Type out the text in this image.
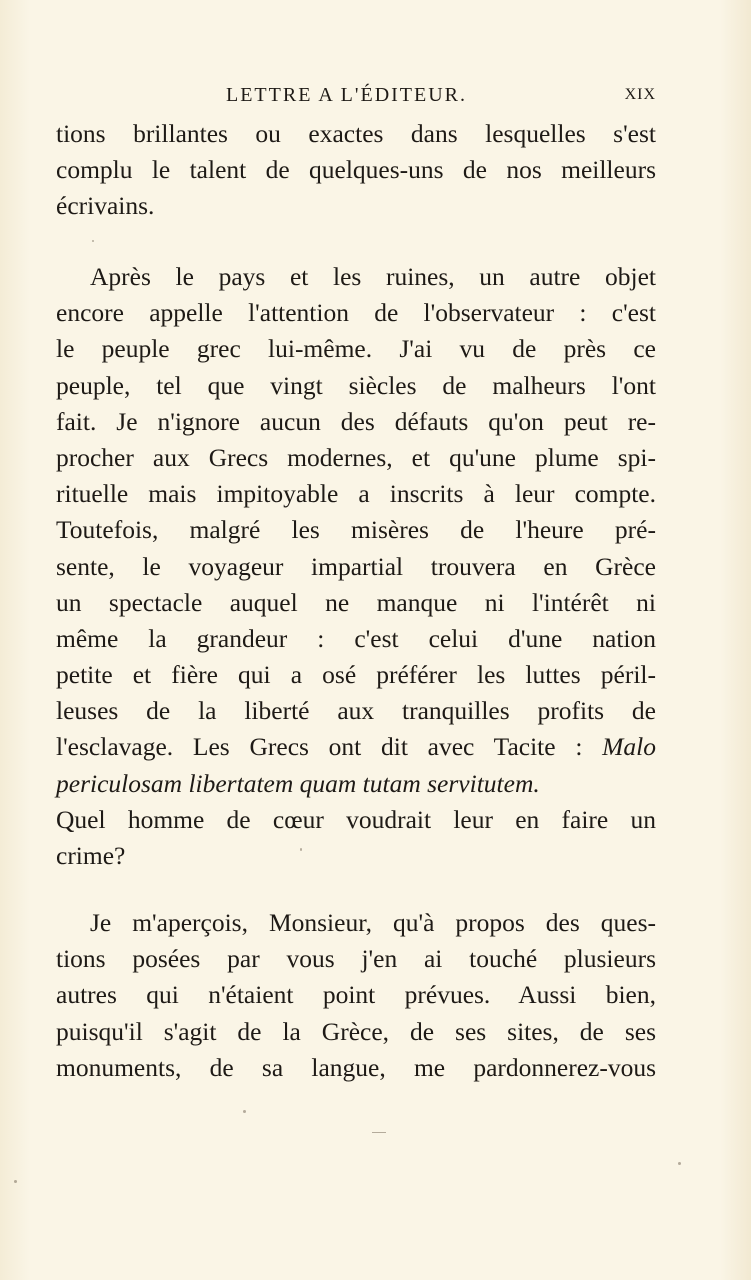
LETTRE A L'ÉDITEUR.	XIX
tions brillantes ou exactes dans lesquelles s'est
complu le talent de quelques-uns de nos meilleurs
écrivains.
Après le pays et les ruines, un autre objet
encore appelle l'attention de l'observateur : c'est
le peuple grec lui-même. J'ai vu de près ce
peuple, tel que vingt siècles de malheurs l'ont
fait. Je n'ignore aucun des défauts qu'on peut re-
procher aux Grecs modernes, et qu'une plume spi-
rituelle mais impitoyable a inscrits à leur compte.
Toutefois, malgré les misères de l'heure pré-
sente, le voyageur impartial trouvera en Grèce
un spectacle auquel ne manque ni l'intérêt ni
même la grandeur : c'est celui d'une nation
petite et fière qui a osé préférer les luttes péril-
leuses de la liberté aux tranquilles profits de
l'esclavage. Les Grecs ont dit avec Tacite : Malo
periculosam libertatem quam tutam servitutem.
Quel homme de cœur voudrait leur en faire un
crime?
Je m'aperçois, Monsieur, qu'à propos des ques-
tions posées par vous j'en ai touché plusieurs
autres qui n'étaient point prévues. Aussi bien,
puisqu'il s'agit de la Grèce, de ses sites, de ses
monuments, de sa langue, me pardonnerez-vous
